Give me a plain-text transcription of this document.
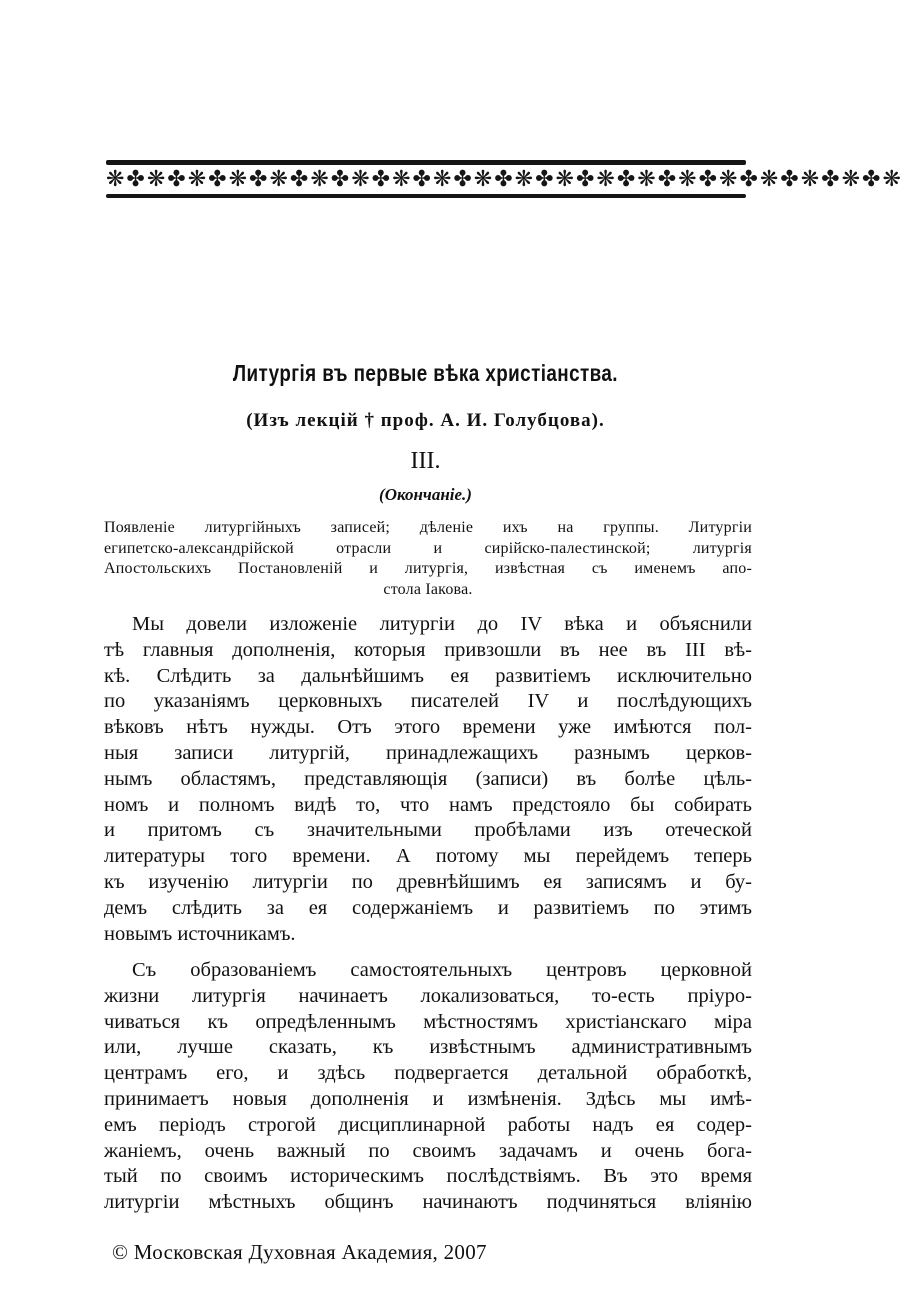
❋✤❋✤❋✤❋✤❋✤❋✤❋✤❋✤❋✤❋✤❋✤❋✤❋✤❋✤❋✤❋✤❋✤❋✤❋✤❋
Литургія въ первые вѣка христіанства.
(Изъ лекцій † проф. А. И. Голубцова).
III.
(Окончаніе.)
Появленіе литургійныхъ записей; дѣленіе ихъ на группы. Литургіи
египетско-александрійской отрасли и сирійско-палестинской; литургія
Апостольскихъ Постановленій и литургія, извѣстная съ именемъ апо-
стола Іакова.
Мы довели изложеніе литургіи до IV вѣка и объяснили
тѣ главныя дополненія, которыя привзошли въ нее въ III вѣ-
кѣ. Слѣдить за дальнѣйшимъ ея развитіемъ исключительно
по указаніямъ церковныхъ писателей IV и послѣдующихъ
вѣковъ нѣтъ нужды. Отъ этого времени уже имѣются пол-
ныя записи литургій, принадлежащихъ разнымъ церков-
нымъ областямъ, представляющія (записи) въ болѣе цѣль-
номъ и полномъ видѣ то, что намъ предстояло бы собирать
и притомъ съ значительными пробѣлами изъ отеческой
литературы того времени. А потому мы перейдемъ теперь
къ изученію литургіи по древнѣйшимъ ея записямъ и бу-
демъ слѣдить за ея содержаніемъ и развитіемъ по этимъ
новымъ источникамъ.
Съ образованіемъ самостоятельныхъ центровъ церковной
жизни литургія начинаетъ локализоваться, то-есть пріуро-
чиваться къ опредѣленнымъ мѣстностямъ христіанскаго міра
или, лучше сказать, къ извѣстнымъ административнымъ
центрамъ его, и здѣсь подвергается детальной обработкѣ,
принимаетъ новыя дополненія и измѣненія. Здѣсь мы имѣ-
емъ періодъ строгой дисциплинарной работы надъ ея содер-
жаніемъ, очень важный по своимъ задачамъ и очень бога-
тый по своимъ историческимъ послѣдствіямъ. Въ это время
литургіи мѣстныхъ общинъ начинаютъ подчиняться вліянію
© Московская Духовная Академия, 2007
